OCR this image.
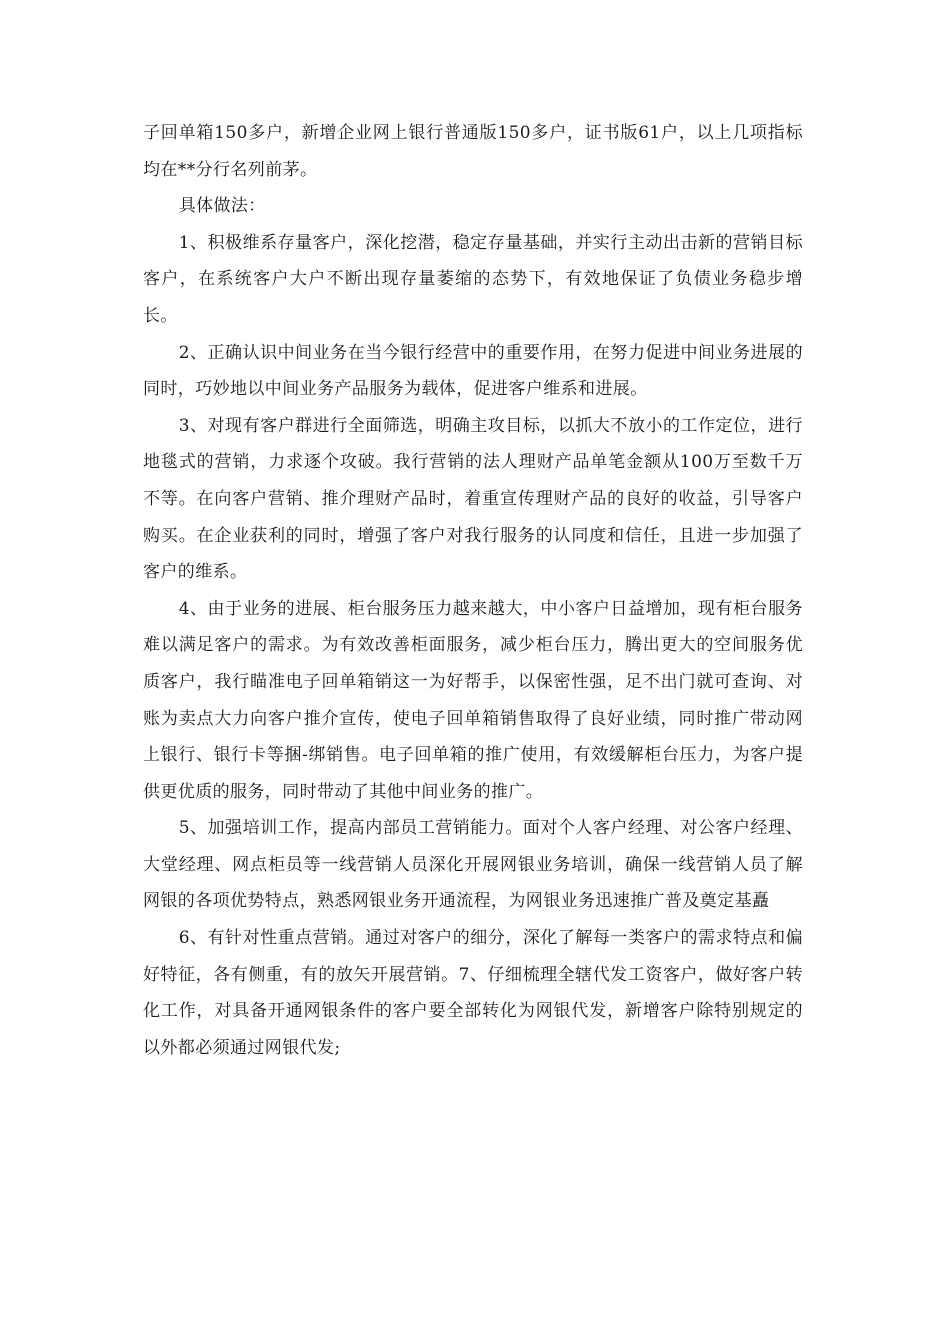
子回单箱150多户，新增企业网上银行普通版150多户，证书版61户，以上几项指标均在**分行名列前茅。

具体做法：

1、积极维系存量客户，深化挖潜，稳定存量基础，并实行主动出击新的营销目标客户，在系统客户大户不断出现存量萎缩的态势下，有效地保证了负债业务稳步增长。

2、正确认识中间业务在当今银行经营中的重要作用，在努力促进中间业务进展的同时，巧妙地以中间业务产品服务为载体，促进客户维系和进展。

3、对现有客户群进行全面筛选，明确主攻目标，以抓大不放小的工作定位，进行地毯式的营销，力求逐个攻破。我行营销的法人理财产品单笔金额从100万至数千万不等。在向客户营销、推介理财产品时，着重宣传理财产品的良好的收益，引导客户购买。在企业获利的同时，增强了客户对我行服务的认同度和信任，且进一步加强了客户的维系。

4、由于业务的进展、柜台服务压力越来越大，中小客户日益增加，现有柜台服务难以满足客户的需求。为有效改善柜面服务，减少柜台压力，腾出更大的空间服务优质客户，我行瞄准电子回单箱销这一为好帮手，以保密性强，足不出门就可查询、对账为卖点大力向客户推介宣传，使电子回单箱销售取得了良好业绩，同时推广带动网上银行、银行卡等捆-绑销售。电子回单箱的推广使用，有效缓解柜台压力，为客户提供更优质的服务，同时带动了其他中间业务的推广。

5、加强培训工作，提高内部员工营销能力。面对个人客户经理、对公客户经理、大堂经理、网点柜员等一线营销人员深化开展网银业务培训，确保一线营销人员了解网银的各项优势特点，熟悉网银业务开通流程，为网银业务迅速推广普及奠定基矗

6、有针对性重点营销。通过对客户的细分，深化了解每一类客户的需求特点和偏好特征，各有侧重，有的放矢开展营销。7、仔细梳理全辖代发工资客户，做好客户转化工作，对具备开通网银条件的客户要全部转化为网银代发，新增客户除特别规定的以外都必须通过网银代发;
